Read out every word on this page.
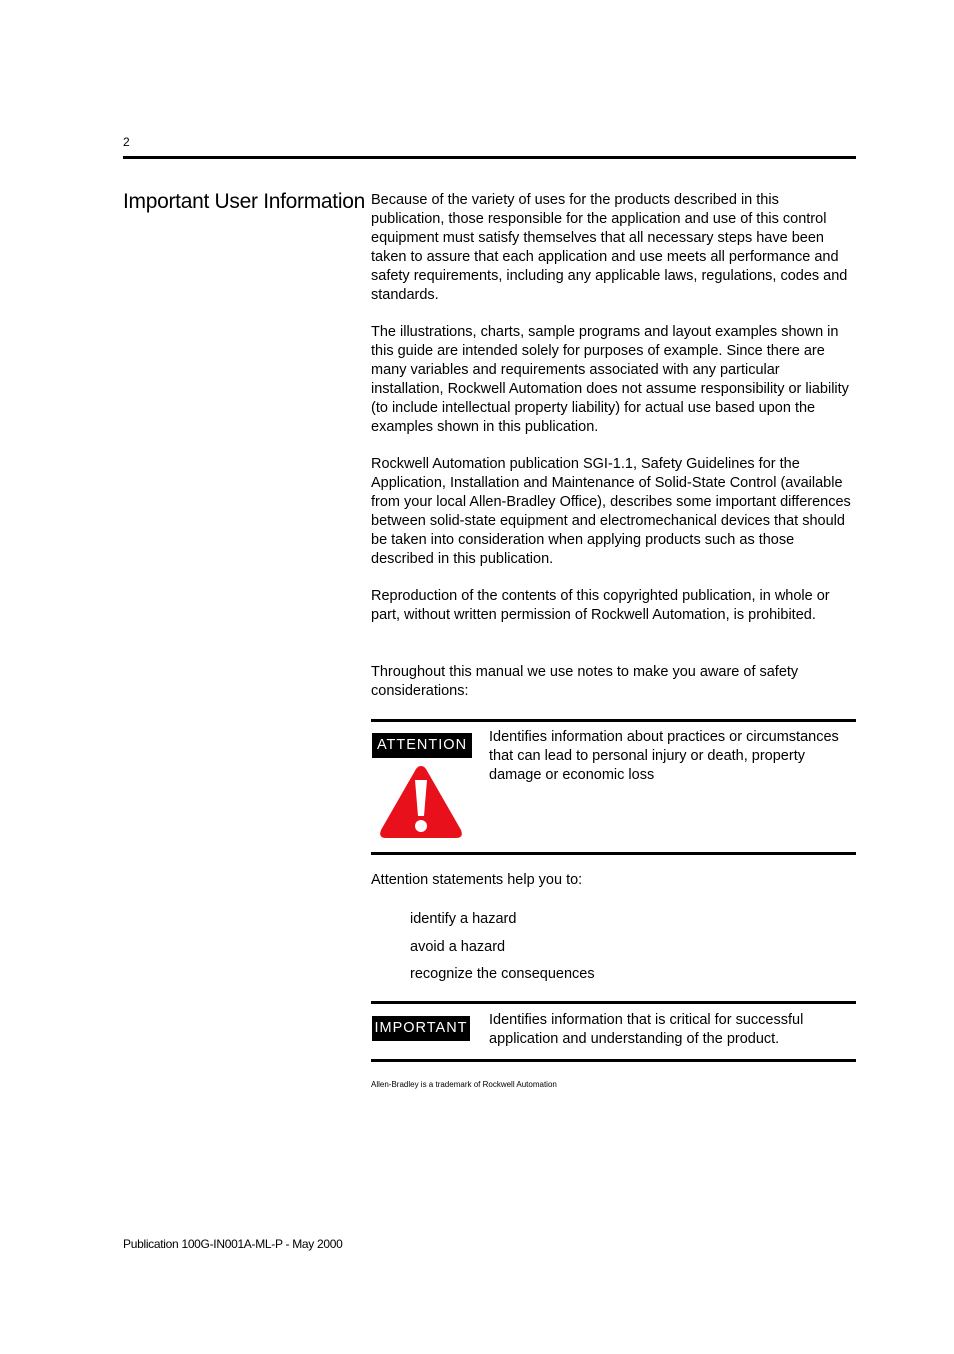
2
Important User Information Because of the variety of uses for the products described in this publication, those responsible for the application and use of this control equipment must satisfy themselves that all necessary steps have been taken to assure that each application and use meets all performance and safety requirements, including any applicable laws, regulations, codes and standards.

The illustrations, charts, sample programs and layout examples shown in this guide are intended solely for purposes of example. Since there are many variables and requirements associated with any particular installation, Rockwell Automation does not assume responsibility or liability (to include intellectual property liability) for actual use based upon the examples shown in this publication.

Rockwell Automation publication SGI-1.1, Safety Guidelines for the Application, Installation and Maintenance of Solid-State Control (available from your local Allen-Bradley Office), describes some important differences between solid-state equipment and electromechanical devices that should be taken into consideration when applying products such as those described in this publication.

Reproduction of the contents of this copyrighted publication, in whole or part, without written permission of Rockwell Automation, is prohibited.

Throughout this manual we use notes to make you aware of safety considerations:

ATTENTION	Identifies information about practices or circumstances that can lead to personal injury or death, property damage or economic loss

Attention statements help you to:

identify a hazard
avoid a hazard
recognize the consequences
IMPORTANT Identifies information that is critical for successful application and understanding of the product.

Allen-Bradley is a trademark of Rockwell Automation
Publication 100G-IN001A-ML-P - May 2000
